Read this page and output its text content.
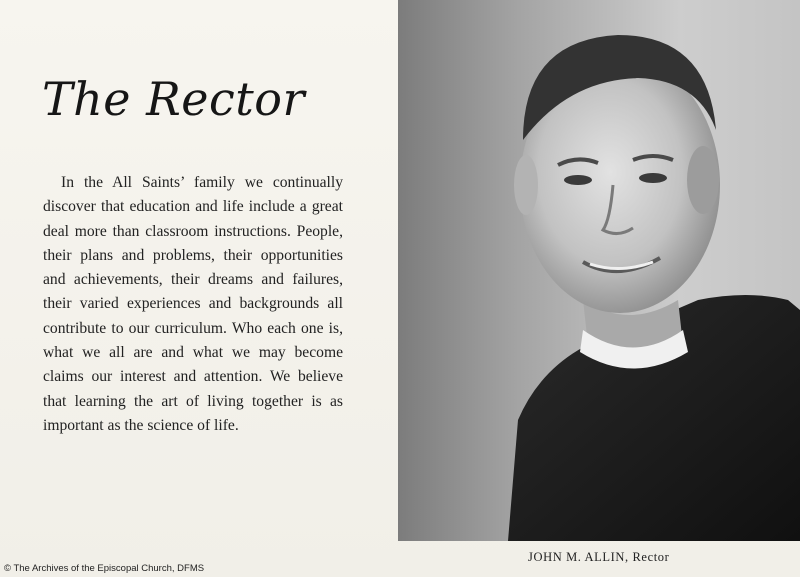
The Rector

In the All Saints’ family we continually discover that education and life include a great deal more than classroom instructions. People, their plans and problems, their opportunities and achievements, their dreams and failures, their varied experiences and backgrounds all contribute to our curriculum. Who each one is, what we all are and what we may become claims our interest and attention. We believe that learning the art of living together is as important as the science of life.

JOHN M. ALLIN, Rector

© The Archives of the Episcopal Church, DFMS
